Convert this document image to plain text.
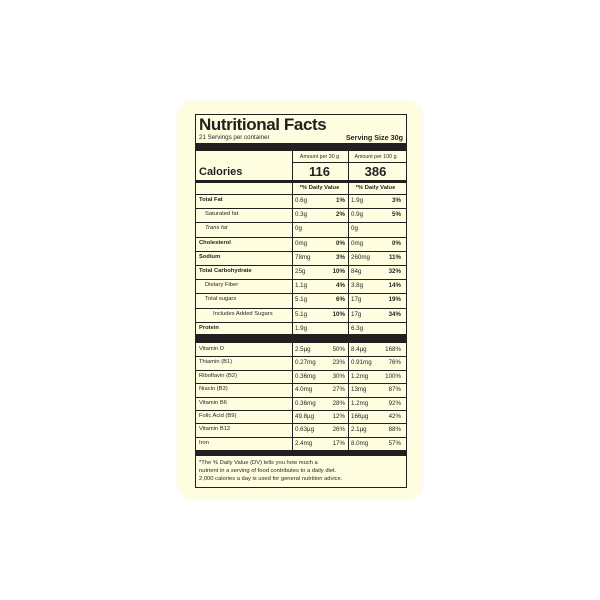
Nutritional Facts
21 Servings per container	Serving Size 30g
Amount per 30 g	Amount per 100 g
Calories	116	386
*% Daily Value	*% Daily Value
Total Fat	0.6g	1% 1.9g	3%
Saturated fat	0.3g	2% 0.9g	5%
Trans fat	0g	0g
Cholesterol	0mg	0% 0mg	0%
Sodium	78mg	3% 260mg	11%
Total Carbohydrate	25g	10% 84g	32%
Dietary Fiber	1.1g	4% 3.8g	14%
Total sugars	5.1g	6% 17g	19%
Includes Added Sugars	5.1g	10% 17g	34%
Protein	1.9g	6.3g
Vitamin D	2.5µg	50% 8.4µg	168%
Thiamin (B1)	0.27mg	23% 0.91mg	76%
Riboflavin (B2)	0.36mg	30% 1.2mg	100%
Niacin (B3)	4.0mg	27% 13mg	87%
Vitamin B6	0.36mg	28% 1.2mg	92%
Folic Acid (B9)	49.8µg	12% 166µg	42%
Vitamin B12	0.63µg	26% 2.1µg	88%
Iron	2.4mg	17% 8.0mg	57%
*The % Daily Value (DV) tells you how much a
nutrient in a serving of food contributes to a daily diet.
2,000 calories a day is used for general nutrition advice.
